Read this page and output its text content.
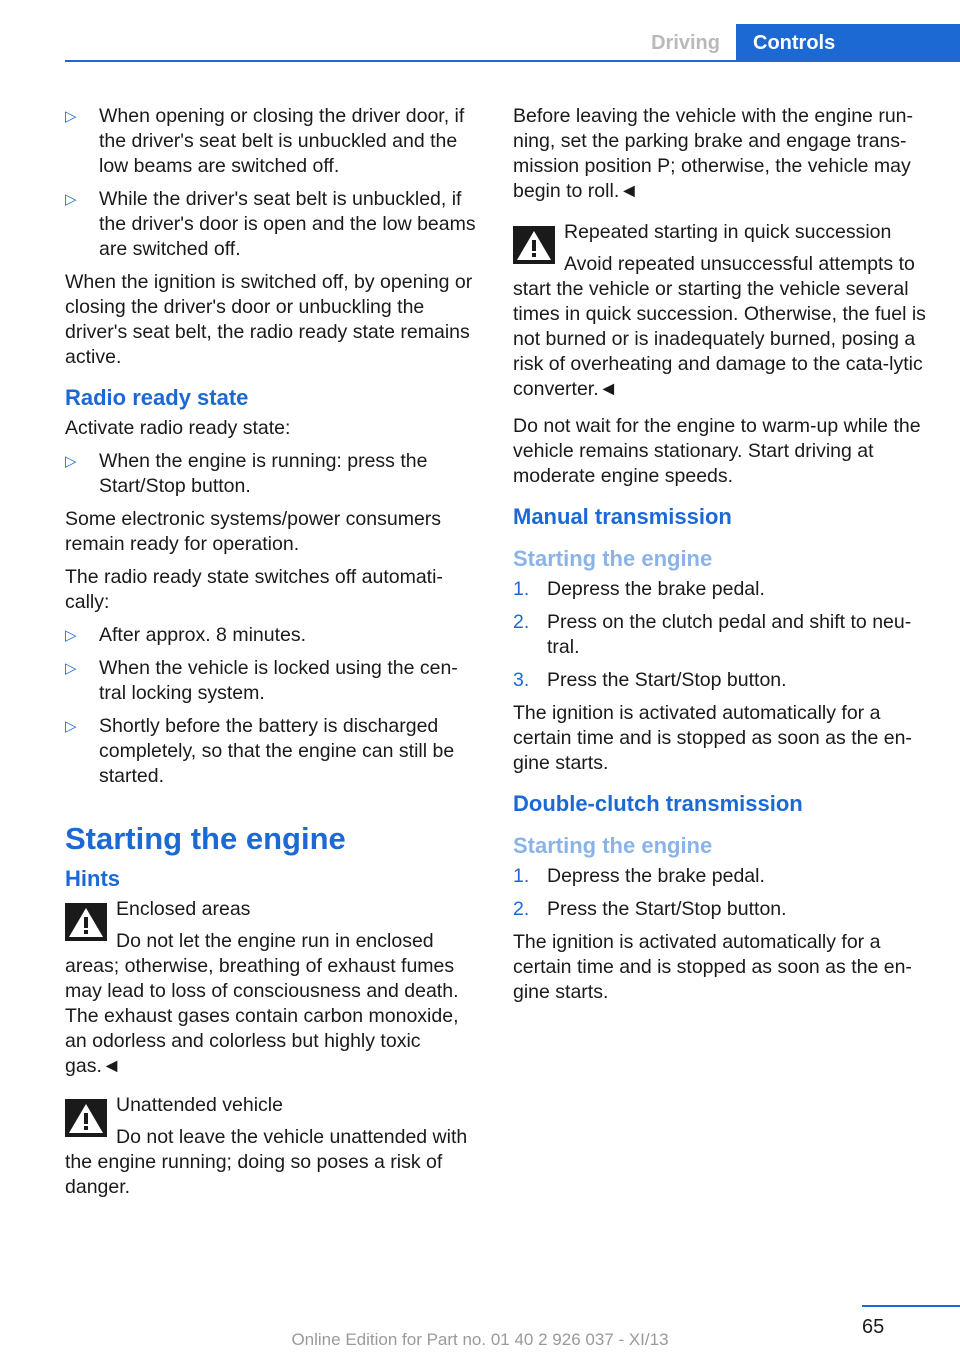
Driving	Controls
▷ When opening or closing the driver door, if the driver's seat belt is unbuckled and the low beams are switched off.
▷ While the driver's seat belt is unbuckled, if the driver's door is open and the low beams are switched off.
When the ignition is switched off, by opening or closing the driver's door or unbuckling the driver's seat belt, the radio ready state remains active.
Radio ready state
Activate radio ready state:
▷ When the engine is running: press the Start/Stop button.
Some electronic systems/power consumers remain ready for operation.
The radio ready state switches off automati‐cally:
▷ After approx. 8 minutes.
▷ When the vehicle is locked using the cen‐tral locking system.
▷ Shortly before the battery is discharged completely, so that the engine can still be started.
Starting the engine
Hints
Enclosed areas
Do not let the engine run in enclosed areas; otherwise, breathing of exhaust fumes may lead to loss of consciousness and death. The exhaust gases contain carbon monoxide, an odorless and colorless but highly toxic gas.◄
Unattended vehicle
Do not leave the vehicle unattended with the engine running; doing so poses a risk of danger.
Before leaving the vehicle with the engine run‐ning, set the parking brake and engage trans‐mission position P; otherwise, the vehicle may begin to roll.◄
Repeated starting in quick succession
Avoid repeated unsuccessful attempts to start the vehicle or starting the vehicle several times in quick succession. Otherwise, the fuel is not burned or is inadequately burned, posing a risk of overheating and damage to the cata‐lytic converter.◄
Do not wait for the engine to warm-up while the vehicle remains stationary. Start driving at moderate engine speeds.
Manual transmission
Starting the engine
1. Depress the brake pedal.
2. Press on the clutch pedal and shift to neu‐tral.
3. Press the Start/Stop button.
The ignition is activated automatically for a certain time and is stopped as soon as the en‐gine starts.
Double-clutch transmission
Starting the engine
1. Depress the brake pedal.
2. Press the Start/Stop button.
The ignition is activated automatically for a certain time and is stopped as soon as the en‐gine starts.
65
Online Edition for Part no. 01 40 2 926 037 - XI/13
